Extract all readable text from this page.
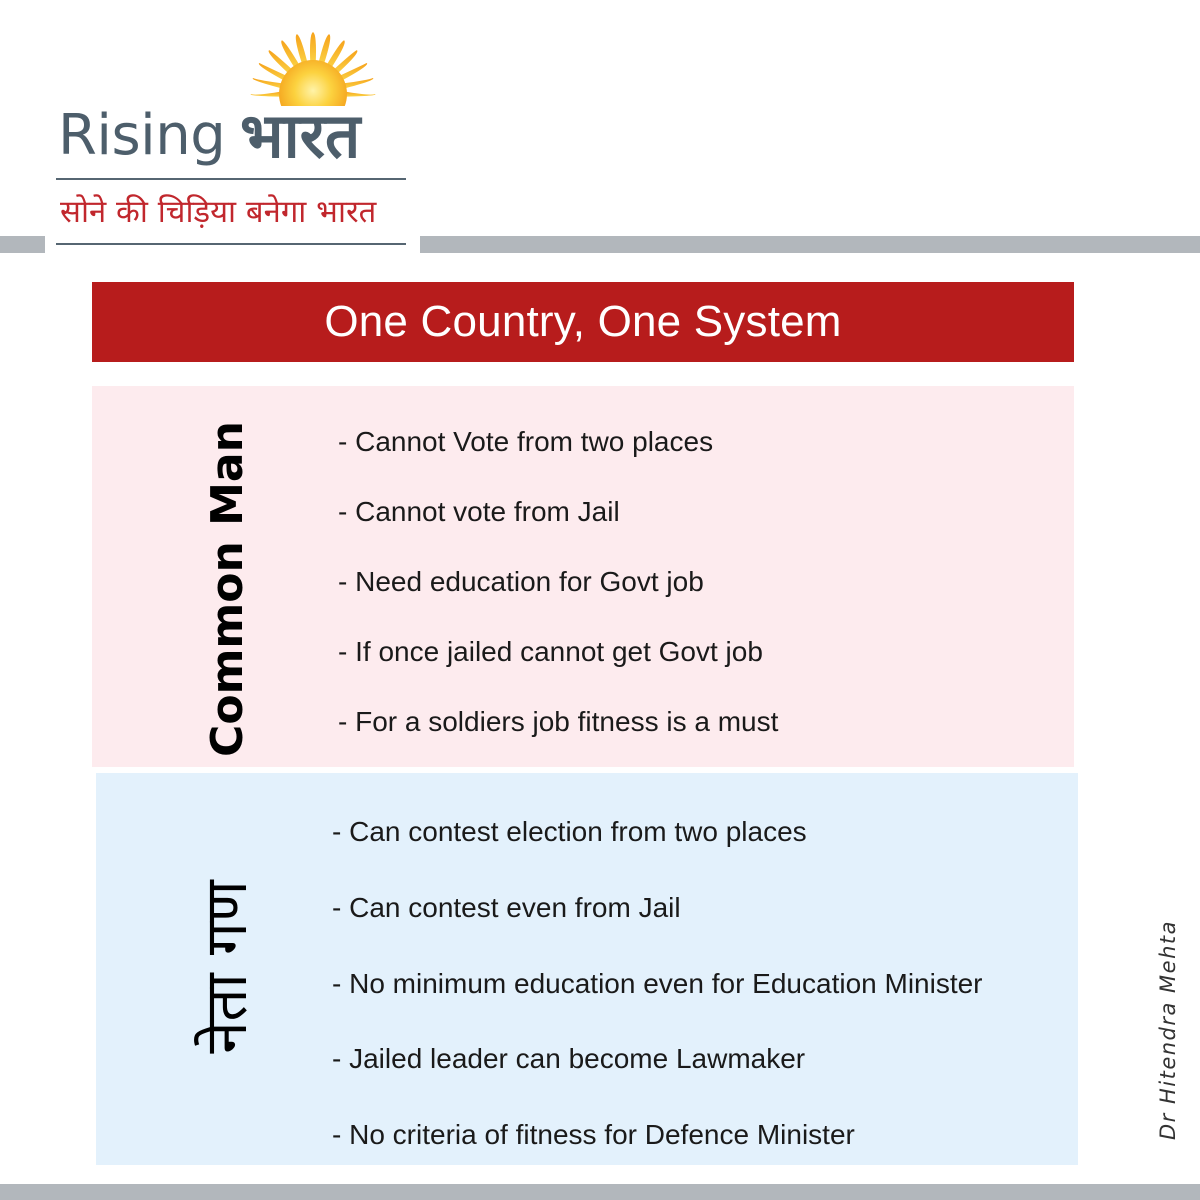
Rising भारत
सोने की चिड़िया बनेगा भारत
One Country, One System
Common Man	- Cannot Vote from two places
- Cannot vote from Jail
- Need education for Govt job
- If once jailed cannot get Govt job
- For a soldiers job fitness is a must
नेता गण
- Can contest election from two places
- Can contest even from Jail
- No minimum education even for Education Minister
- Jailed leader can become Lawmaker
- No criteria of fitness for Defence Minister	Dr Hitendra Mehta
